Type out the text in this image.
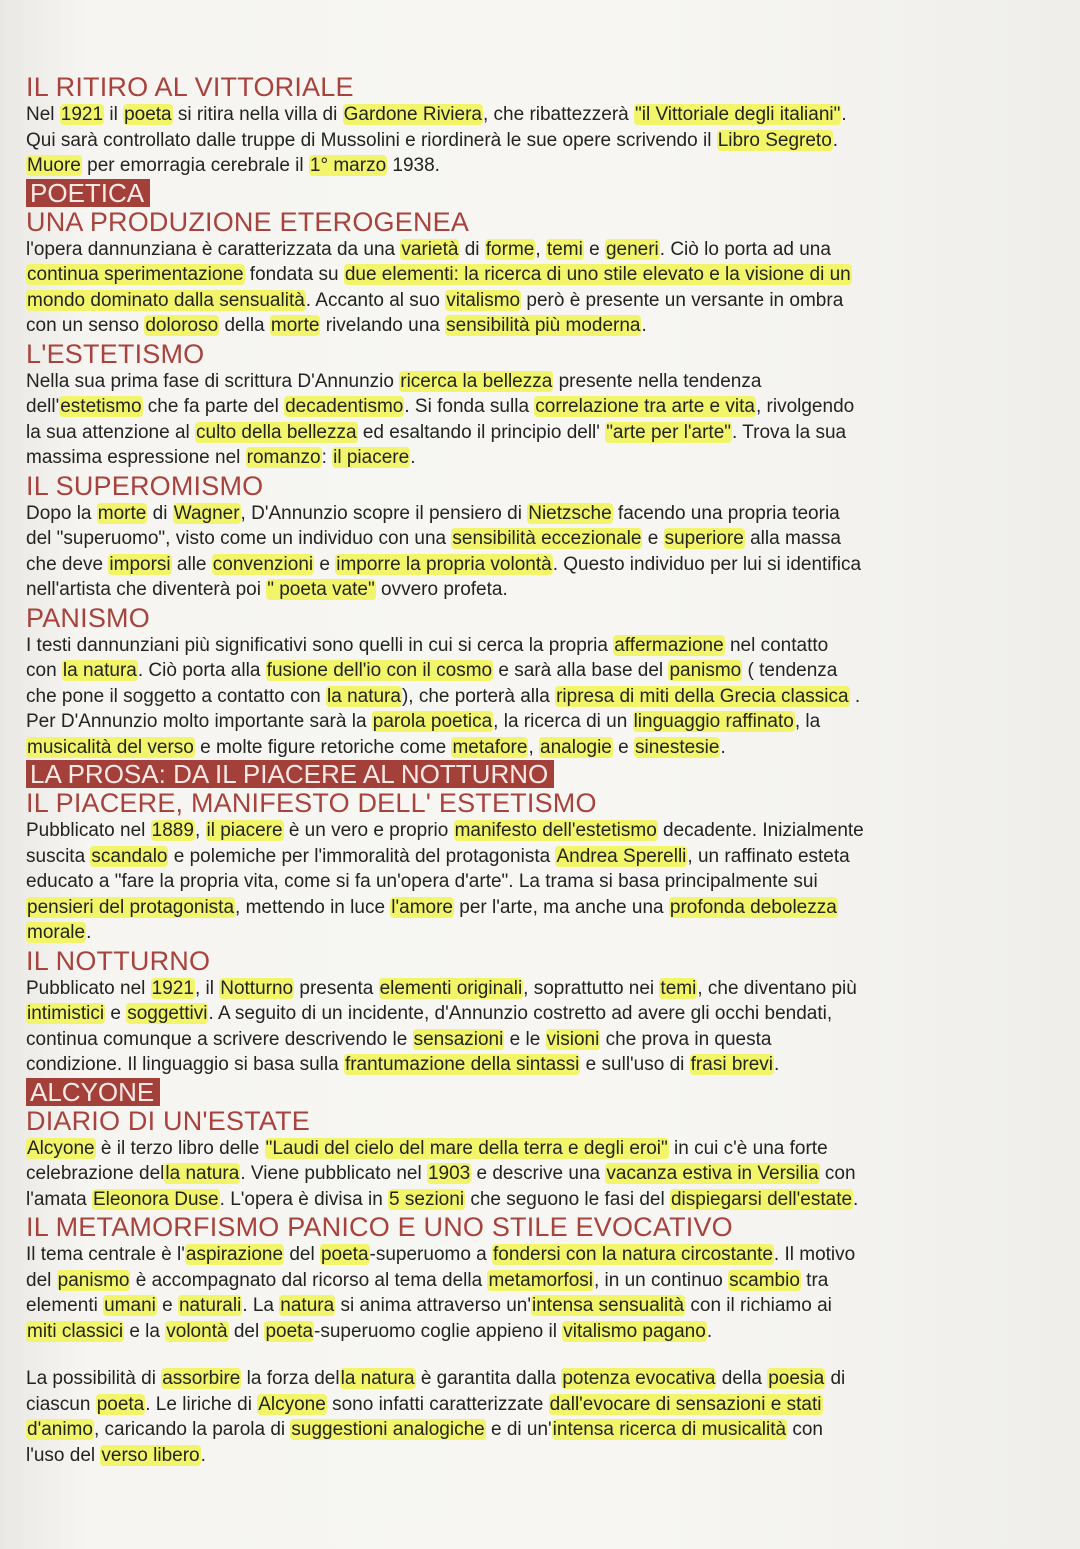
IL RITIRO AL VITTORIALE
Nel 1921 il poeta si ritira nella villa di Gardone Riviera, che ribattezzerà "il Vittoriale degli italiani".
Qui sarà controllato dalle truppe di Mussolini e riordinerà le sue opere scrivendo il Libro Segreto.
Muore per emorragia cerebrale il 1° marzo 1938.
POETICA
UNA PRODUZIONE ETEROGENEA
l'opera dannunziana è caratterizzata da una varietà di forme, temi e generi. Ciò lo porta ad una
continua sperimentazione fondata su due elementi: la ricerca di uno stile elevato e la visione di un
mondo dominato dalla sensualità. Accanto al suo vitalismo però è presente un versante in ombra
con un senso doloroso della morte rivelando una sensibilità più moderna.
L'ESTETISMO
Nella sua prima fase di scrittura D'Annunzio ricerca la bellezza presente nella tendenza
dell'estetismo che fa parte del decadentismo. Si fonda sulla correlazione tra arte e vita, rivolgendo
la sua attenzione al culto della bellezza ed esaltando il principio dell' "arte per l'arte". Trova la sua
massima espressione nel romanzo: il piacere.
IL SUPEROMISMO
Dopo la morte di Wagner, D'Annunzio scopre il pensiero di Nietzsche facendo una propria teoria
del "superuomo", visto come un individuo con una sensibilità eccezionale e superiore alla massa
che deve imporsi alle convenzioni e imporre la propria volontà. Questo individuo per lui si identifica
nell'artista che diventerà poi " poeta vate" ovvero profeta.
PANISMO
I testi dannunziani più significativi sono quelli in cui si cerca la propria affermazione nel contatto
con la natura. Ciò porta alla fusione dell'io con il cosmo e sarà alla base del panismo ( tendenza
che pone il soggetto a contatto con la natura), che porterà alla ripresa di miti della Grecia classica .
Per D'Annunzio molto importante sarà la parola poetica, la ricerca di un linguaggio raffinato, la
musicalità del verso e molte figure retoriche come metafore, analogie e sinestesie.
LA PROSA: DA IL PIACERE AL NOTTURNO
IL PIACERE, MANIFESTO DELL' ESTETISMO
Pubblicato nel 1889, il piacere è un vero e proprio manifesto dell'estetismo decadente. Inizialmente
suscita scandalo e polemiche per l'immoralità del protagonista Andrea Sperelli, un raffinato esteta
educato a "fare la propria vita, come si fa un'opera d'arte". La trama si basa principalmente sui
pensieri del protagonista, mettendo in luce l'amore per l'arte, ma anche una profonda debolezza
morale.
IL NOTTURNO
Pubblicato nel 1921, il Notturno presenta elementi originali, soprattutto nei temi, che diventano più
intimistici e soggettivi. A seguito di un incidente, d'Annunzio costretto ad avere gli occhi bendati,
continua comunque a scrivere descrivendo le sensazioni e le visioni che prova in questa
condizione. Il linguaggio si basa sulla frantumazione della sintassi e sull'uso di frasi brevi.
ALCYONE
DIARIO DI UN'ESTATE
Alcyone è il terzo libro delle "Laudi del cielo del mare della terra e degli eroi" in cui c'è una forte
celebrazione della natura. Viene pubblicato nel 1903 e descrive una vacanza estiva in Versilia con
l'amata Eleonora Duse. L'opera è divisa in 5 sezioni che seguono le fasi del dispiegarsi dell'estate.
IL METAMORFISMO PANICO E UNO STILE EVOCATIVO
Il tema centrale è l'aspirazione del poeta-superuomo a fondersi con la natura circostante. Il motivo
del panismo è accompagnato dal ricorso al tema della metamorfosi, in un continuo scambio tra
elementi umani e naturali. La natura si anima attraverso un'intensa sensualità con il richiamo ai
miti classici e la volontà del poeta-superuomo coglie appieno il vitalismo pagano.
La possibilità di assorbire la forza della natura è garantita dalla potenza evocativa della poesia di
ciascun poeta. Le liriche di Alcyone sono infatti caratterizzate dall'evocare di sensazioni e stati
d'animo, caricando la parola di suggestioni analogiche e di un'intensa ricerca di musicalità con
l'uso del verso libero.
